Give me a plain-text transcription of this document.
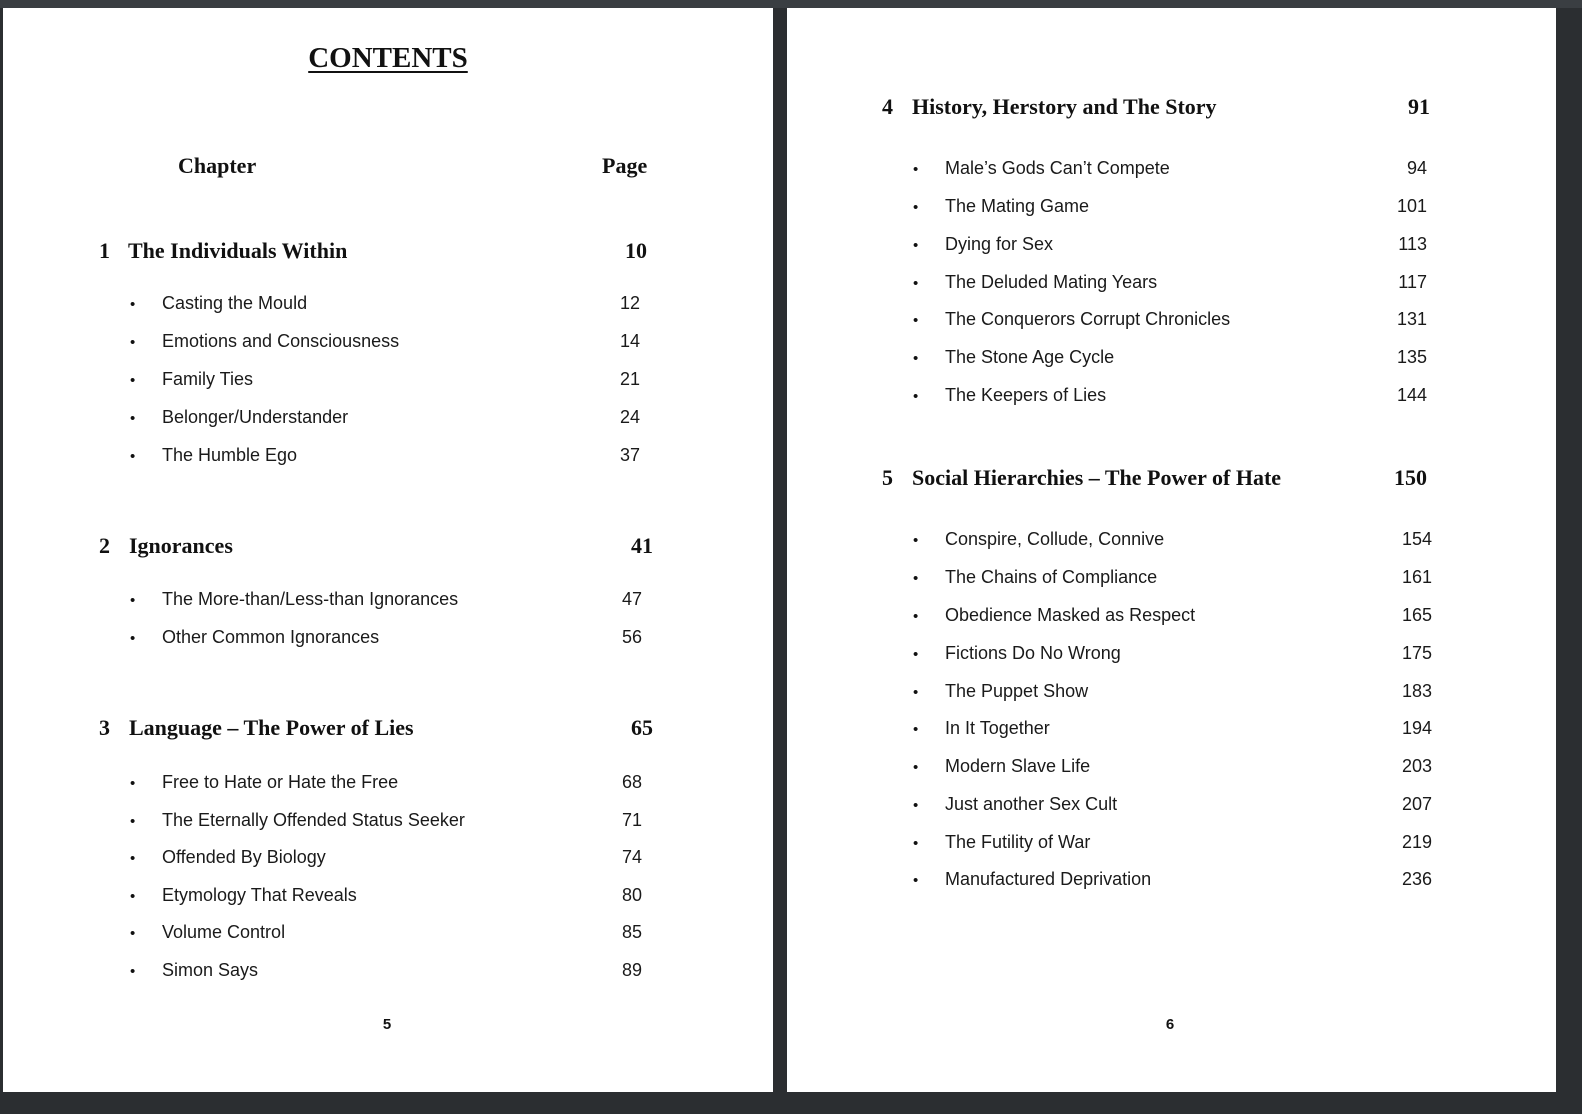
CONTENTS
Chapter	Page
1 The Individuals Within	10
• Casting the Mould	12
• Emotions and Consciousness	14
• Family Ties	21
• Belonger/Understander	24
• The Humble Ego	37
2 Ignorances	41
• The More-than/Less-than Ignorances	47
• Other Common Ignorances	56
3 Language – The Power of Lies	65
• Free to Hate or Hate the Free	68
• The Eternally Offended Status Seeker	71
• Offended By Biology	74
• Etymology That Reveals	80
• Volume Control	85
• Simon Says	89
5
4 History, Herstory and The Story	91
• Male’s Gods Can’t Compete	94
• The Mating Game	101
• Dying for Sex	113
• The Deluded Mating Years	117
• The Conquerors Corrupt Chronicles	131
• The Stone Age Cycle	135
• The Keepers of Lies	144
5 Social Hierarchies – The Power of Hate	150
• Conspire, Collude, Connive	154
• The Chains of Compliance	161
• Obedience Masked as Respect	165
• Fictions Do No Wrong	175
• The Puppet Show	183
• In It Together	194
• Modern Slave Life	203
• Just another Sex Cult	207
• The Futility of War	219
• Manufactured Deprivation	236
6
